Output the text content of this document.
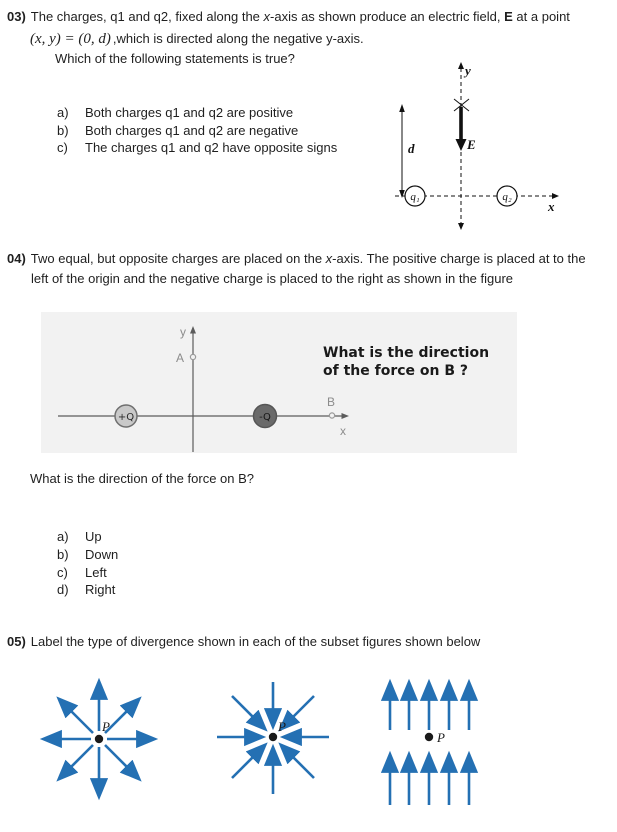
03) The charges, q1 and q2, fixed along the x-axis as shown produce an electric field, E at a point
(x, y) = (0, d) ,which is directed along the negative y-axis.
Which of the following statements is true?
a) Both charges q1 and q2 are positive
b) Both charges q1 and q2 are negative
c) The charges q1 and q2 have opposite signs
y
E
d
x
q₁	q₂
04) Two equal, but opposite charges are placed on the x-axis. The positive charge is placed at to the
left of the origin and the negative charge is placed to the right as shown in the figure
y
A
x
+Q	-Q
B
What is the direction
of the force on B ?
What is the direction of the force on B?
a) Up
b) Down
c) Left
d) Right
05) Label the type of divergence shown in each of the subset figures shown below
P	P
P
